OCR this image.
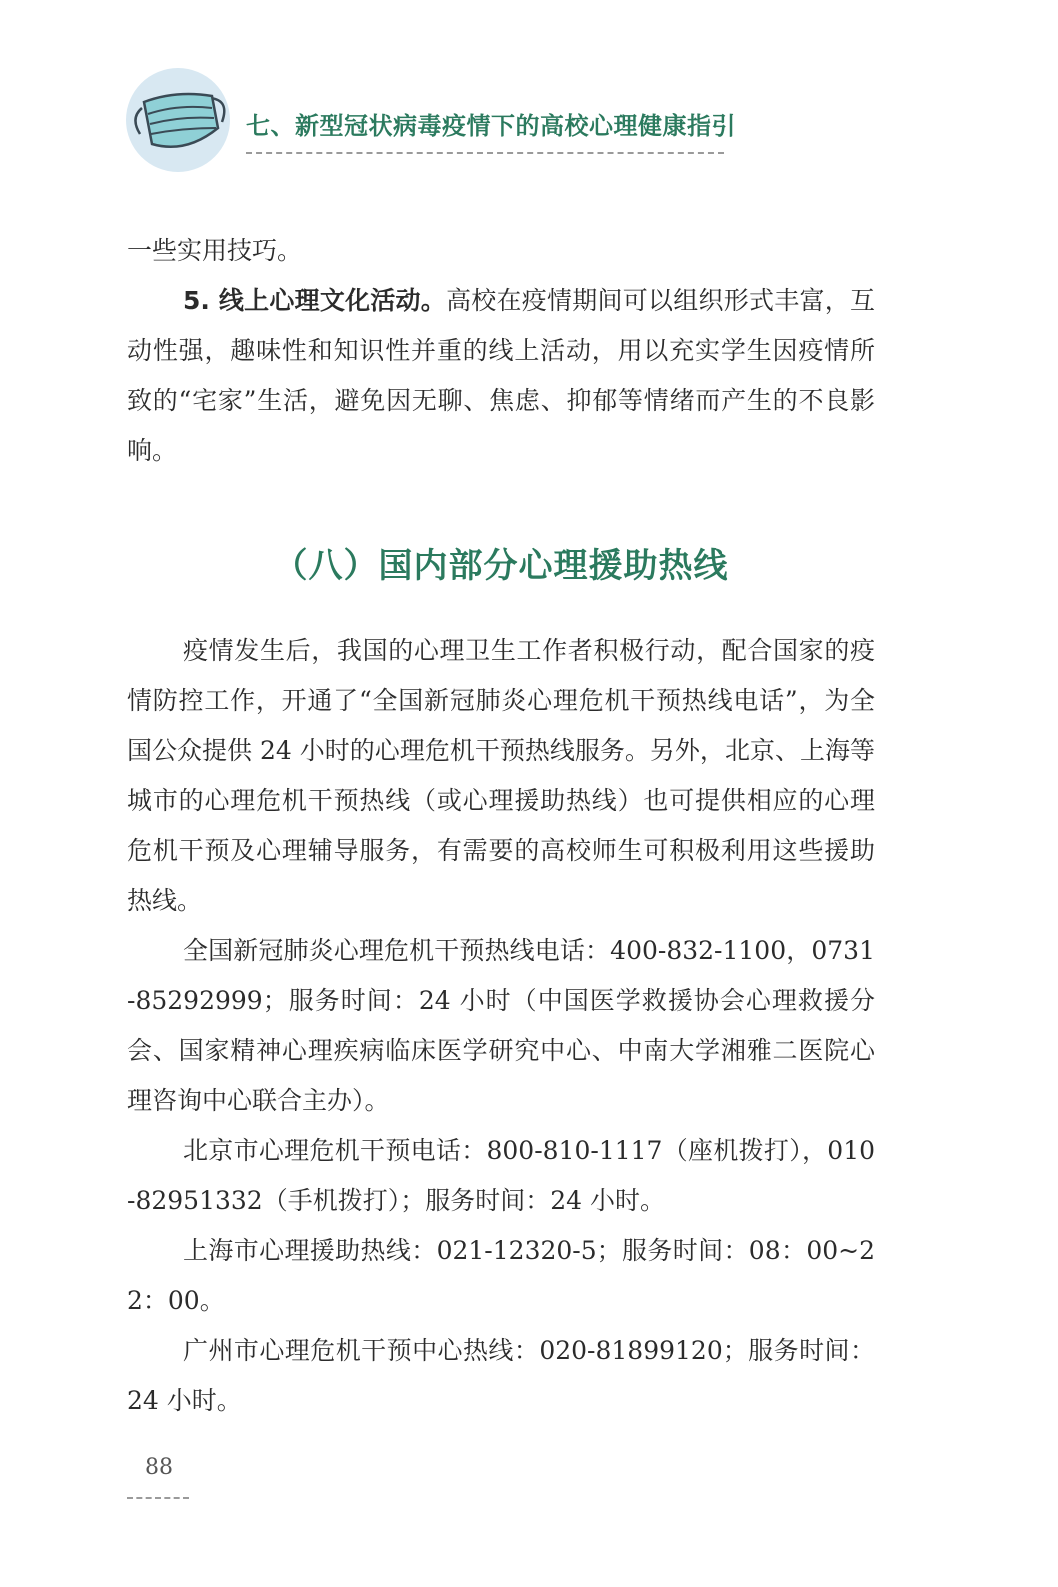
七、新型冠状病毒疫情下的高校心理健康指引

一些实用技巧。

5. 线上心理文化活动。高校在疫情期间可以组织形式丰富，互动性强，趣味性和知识性并重的线上活动，用以充实学生因疫情所致的“宅家”生活，避免因无聊、焦虑、抑郁等情绪而产生的不良影响。

（八）国内部分心理援助热线

疫情发生后，我国的心理卫生工作者积极行动，配合国家的疫情防控工作，开通了“全国新冠肺炎心理危机干预热线电话”，为全国公众提供 24 小时的心理危机干预热线服务。另外，北京、上海等城市的心理危机干预热线（或心理援助热线）也可提供相应的心理危机干预及心理辅导服务，有需要的高校师生可积极利用这些援助热线。

全国新冠肺炎心理危机干预热线电话：400-832-1100，0731-85292999；服务时间：24 小时（中国医学救援协会心理救援分会、国家精神心理疾病临床医学研究中心、中南大学湘雅二医院心理咨询中心联合主办）。

北京市心理危机干预电话：800-810-1117（座机拨打），010-82951332（手机拨打）；服务时间：24 小时。

上海市心理援助热线：021-12320-5；服务时间：08：00~22：00。

广州市心理危机干预中心热线：020-81899120；服务时间：24 小时。

88
